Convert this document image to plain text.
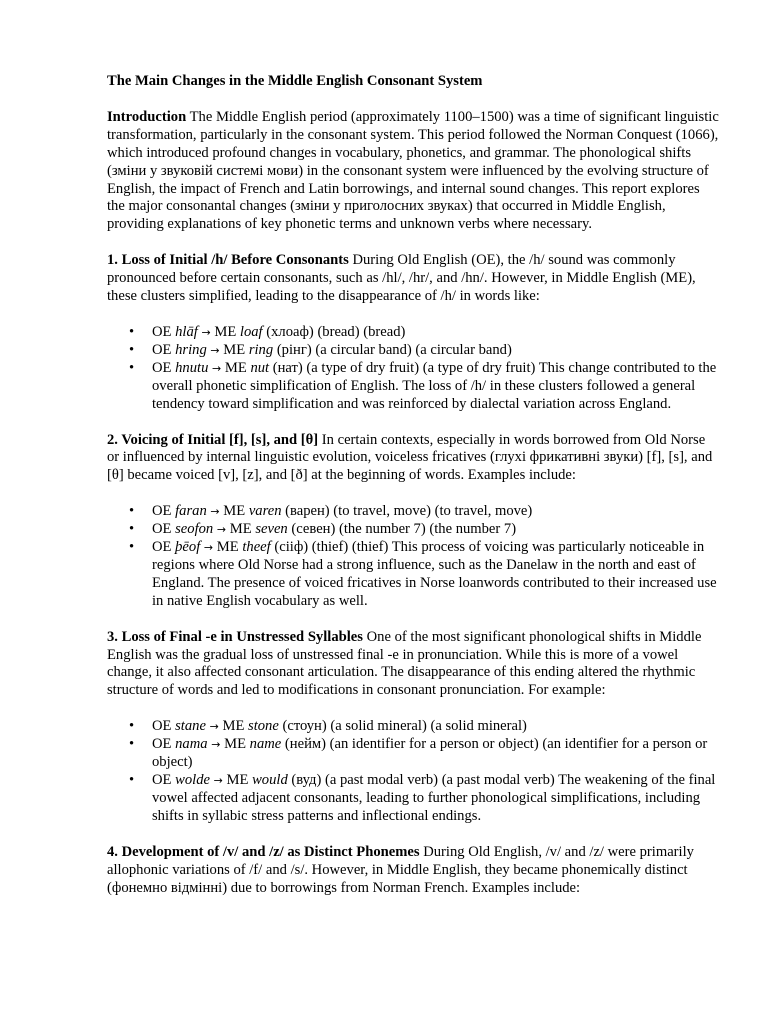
The Main Changes in the Middle English Consonant System

Introduction The Middle English period (approximately 1100–1500) was a time of significant linguistic transformation, particularly in the consonant system. This period followed the Norman Conquest (1066), which introduced profound changes in vocabulary, phonetics, and grammar. The phonological shifts (зміни у звуковій системі мови) in the consonant system were influenced by the evolving structure of English, the impact of French and Latin borrowings, and internal sound changes. This report explores the major consonantal changes (зміни у приголосних звуках) that occurred in Middle English, providing explanations of key phonetic terms and unknown verbs where necessary.

1. Loss of Initial /h/ Before Consonants During Old English (OE), the /h/ sound was commonly pronounced before certain consonants, such as /hl/, /hr/, and /hn/. However, in Middle English (ME), these clusters simplified, leading to the disappearance of /h/ in words like:

• OE hlāf → ME loaf (хлоаф) (bread) (bread)
• OE hring → ME ring (рінг) (a circular band) (a circular band)
• OE hnutu → ME nut (нат) (a type of dry fruit) (a type of dry fruit) This change contributed to the overall phonetic simplification of English. The loss of /h/ in these clusters followed a general tendency toward simplification and was reinforced by dialectal variation across England.

2. Voicing of Initial [f], [s], and [θ] In certain contexts, especially in words borrowed from Old Norse or influenced by internal linguistic evolution, voiceless fricatives (глухі фрикативні звуки) [f], [s], and [θ] became voiced [v], [z], and [ð] at the beginning of words. Examples include:

• OE faran → ME varen (варен) (to travel, move) (to travel, move)
• OE seofon → ME seven (севен) (the number 7) (the number 7)
• OE þēof → ME theef (сііф) (thief) (thief) This process of voicing was particularly noticeable in regions where Old Norse had a strong influence, such as the Danelaw in the north and east of England. The presence of voiced fricatives in Norse loanwords contributed to their increased use in native English vocabulary as well.

3. Loss of Final -e in Unstressed Syllables One of the most significant phonological shifts in Middle English was the gradual loss of unstressed final -e in pronunciation. While this is more of a vowel change, it also affected consonant articulation. The disappearance of this ending altered the rhythmic structure of words and led to modifications in consonant pronunciation. For example:

• OE stane → ME stone (стоун) (a solid mineral) (a solid mineral)
• OE nama → ME name (нейм) (an identifier for a person or object) (an identifier for a person or object)
• OE wolde → ME would (вуд) (a past modal verb) (a past modal verb) The weakening of the final vowel affected adjacent consonants, leading to further phonological simplifications, including shifts in syllabic stress patterns and inflectional endings.

4. Development of /v/ and /z/ as Distinct Phonemes During Old English, /v/ and /z/ were primarily allophonic variations of /f/ and /s/. However, in Middle English, they became phonemically distinct (фонемно відмінні) due to borrowings from Norman French. Examples include:
